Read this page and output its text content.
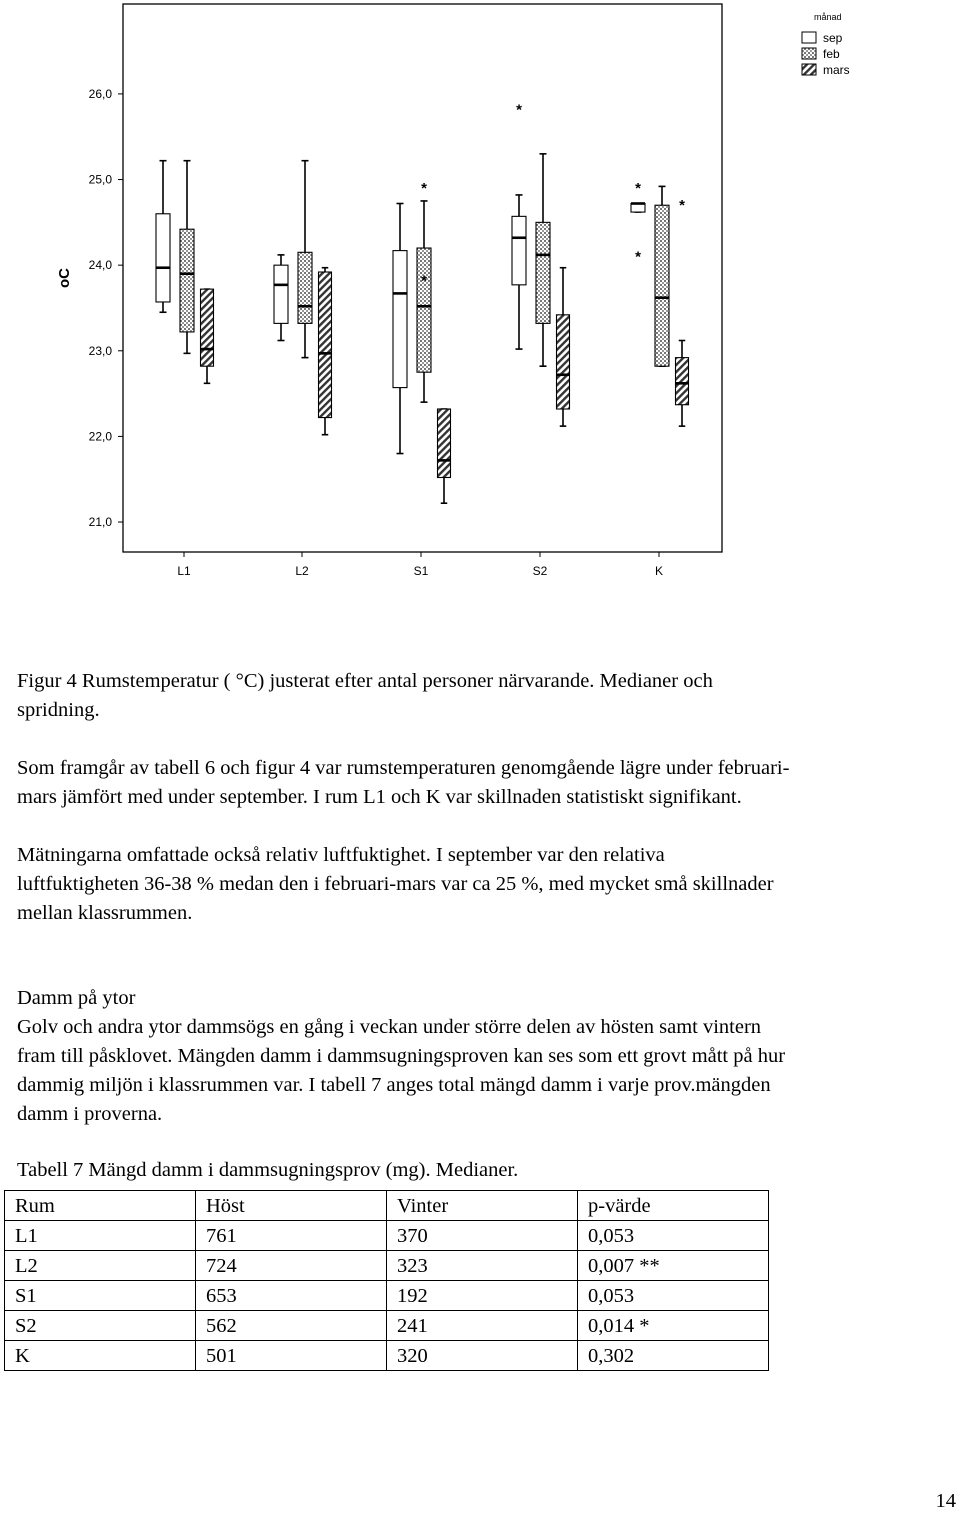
21,0
22,0
23,0
24,0
25,0
26,0
L1	L2	S1	S2	K
*
*
*
*
*
*
oC
månad
sep
feb
mars

Figur 4 Rumstemperatur ( °C) justerat efter antal personer närvarande. Medianer och
spridning.

Som framgår av tabell 6 och figur 4 var rumstemperaturen genomgående lägre under februari-
mars jämfört med under september. I rum L1 och K var skillnaden statistiskt signifikant.

Mätningarna omfattade också relativ luftfuktighet. I september var den relativa
luftfuktigheten 36-38 % medan den i februari-mars var ca 25 %, med mycket små skillnader
mellan klassrummen.

Damm på ytor

Golv och andra ytor dammsögs en gång i veckan under större delen av hösten samt vintern
fram till påsklovet. Mängden damm i dammsugningsproven kan ses som ett grovt mått på hur
dammig miljön i klassrummen var. I tabell 7 anges total mängd damm i varje prov.mängden
damm i proverna.

Tabell 7 Mängd damm i dammsugningsprov (mg). Medianer.

Rum	Höst	Vinter	p-värde
L1	761	370	0,053
L2	724	323	0,007 **
S1	653	192	0,053
S2	562	241	0,014 *
K	501	320	0,302
14
